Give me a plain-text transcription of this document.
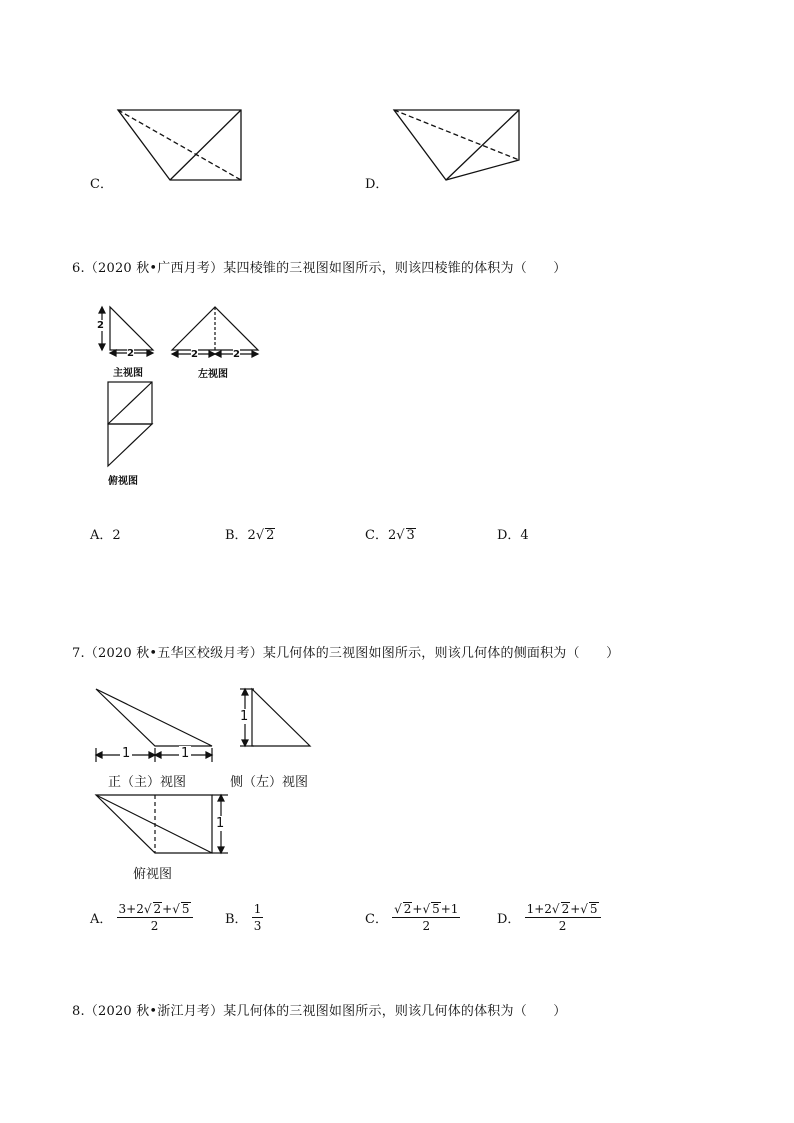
C．	D．
6.（2020 秋•广西月考）某四棱锥的三视图如图所示，则该四棱锥的体积为（　　）
2
2	2	2
主视图	左视图
俯视图
A．2	B．2√ 2	C．2√ 3	D．4
7.（2020 秋•五华区校级月考）某几何体的三视图如图所示，则该几何体的侧面积为（　　）
1	1
1
1
正（主）视图	侧（左）视图
俯视图
A． $\frac{3+2√ 2+√ 5}{2}$ B． $\frac{1}{3}$	C． $\frac{√ 2+√ 5+1}{2}$	D． $\frac{1+2√ 2+√ 5}{2}$
8.（2020 秋•浙江月考）某几何体的三视图如图所示，则该几何体的体积为（　　）
